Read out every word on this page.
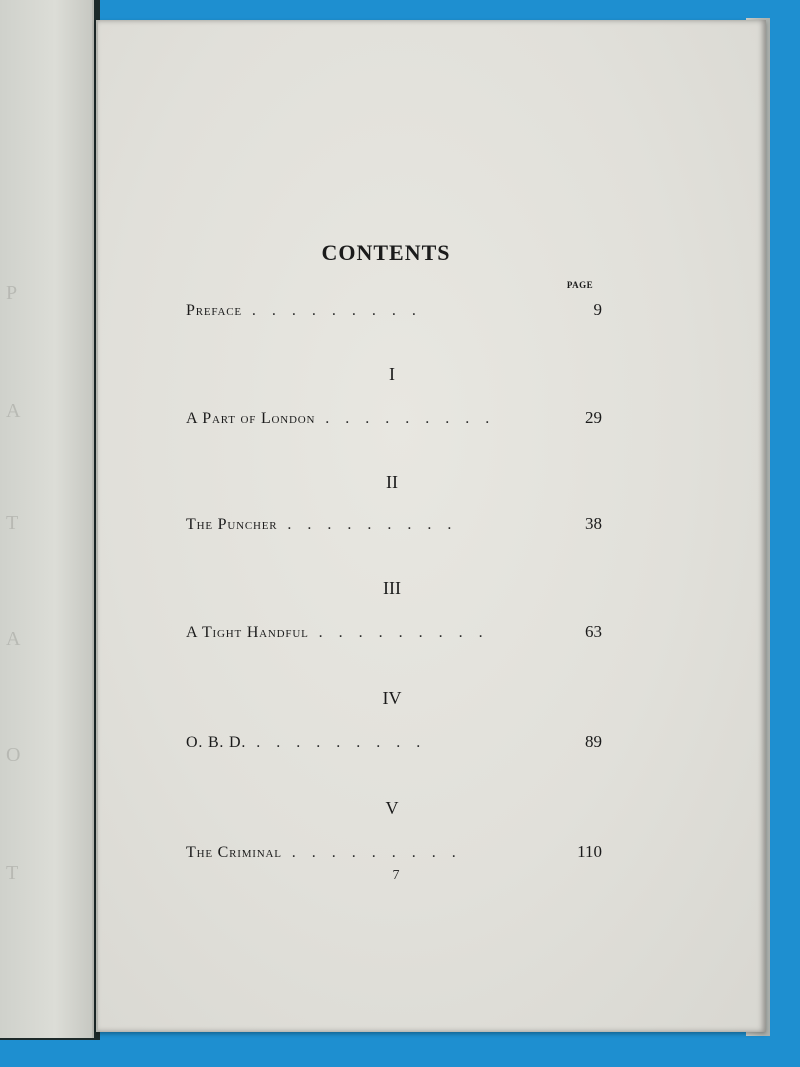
P
A
T
A
O
T
CONTENTS
PAGE
Preface .........	9
I
A Part of London .........	29
II
The Puncher .........	38
III
A Tight Handful .........	63
IV
O. B. D. .........	89
V
The Criminal .........	110
7
